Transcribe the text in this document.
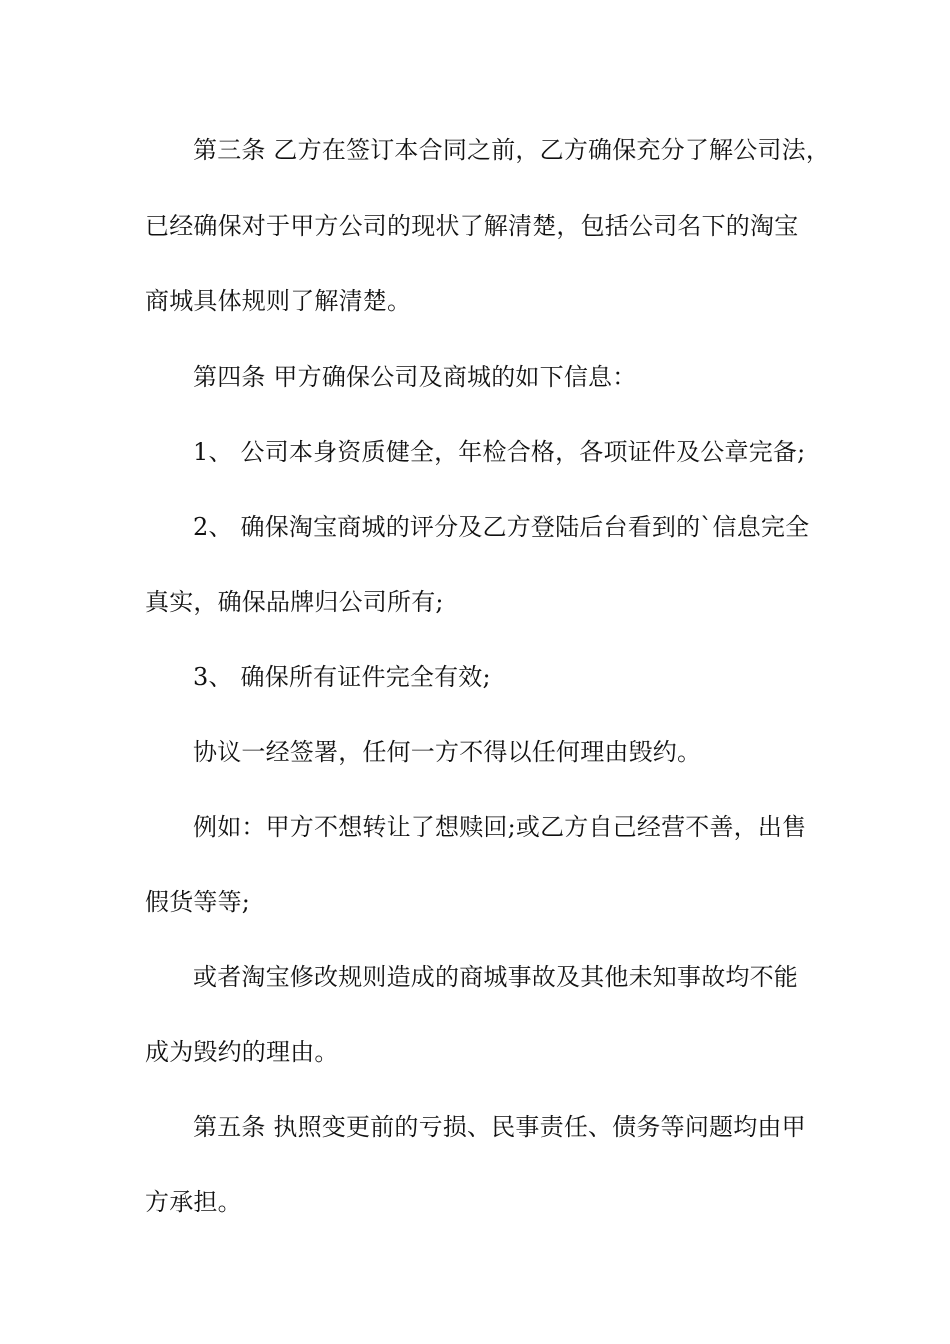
第三条 乙方在签订本合同之前，乙方确保充分了解公司法，
已经确保对于甲方公司的现状了解清楚，包括公司名下的淘宝
商城具体规则了解清楚。
第四条 甲方确保公司及商城的如下信息：
1、 公司本身资质健全，年检合格，各项证件及公章完备;
2、 确保淘宝商城的评分及乙方登陆后台看到的`信息完全
真实，确保品牌归公司所有;
3、 确保所有证件完全有效;
协议一经签署，任何一方不得以任何理由毁约。
例如：甲方不想转让了想赎回;或乙方自己经营不善，出售
假货等等;
或者淘宝修改规则造成的商城事故及其他未知事故均不能
成为毁约的理由。
第五条 执照变更前的亏损、民事责任、债务等问题均由甲
方承担。
